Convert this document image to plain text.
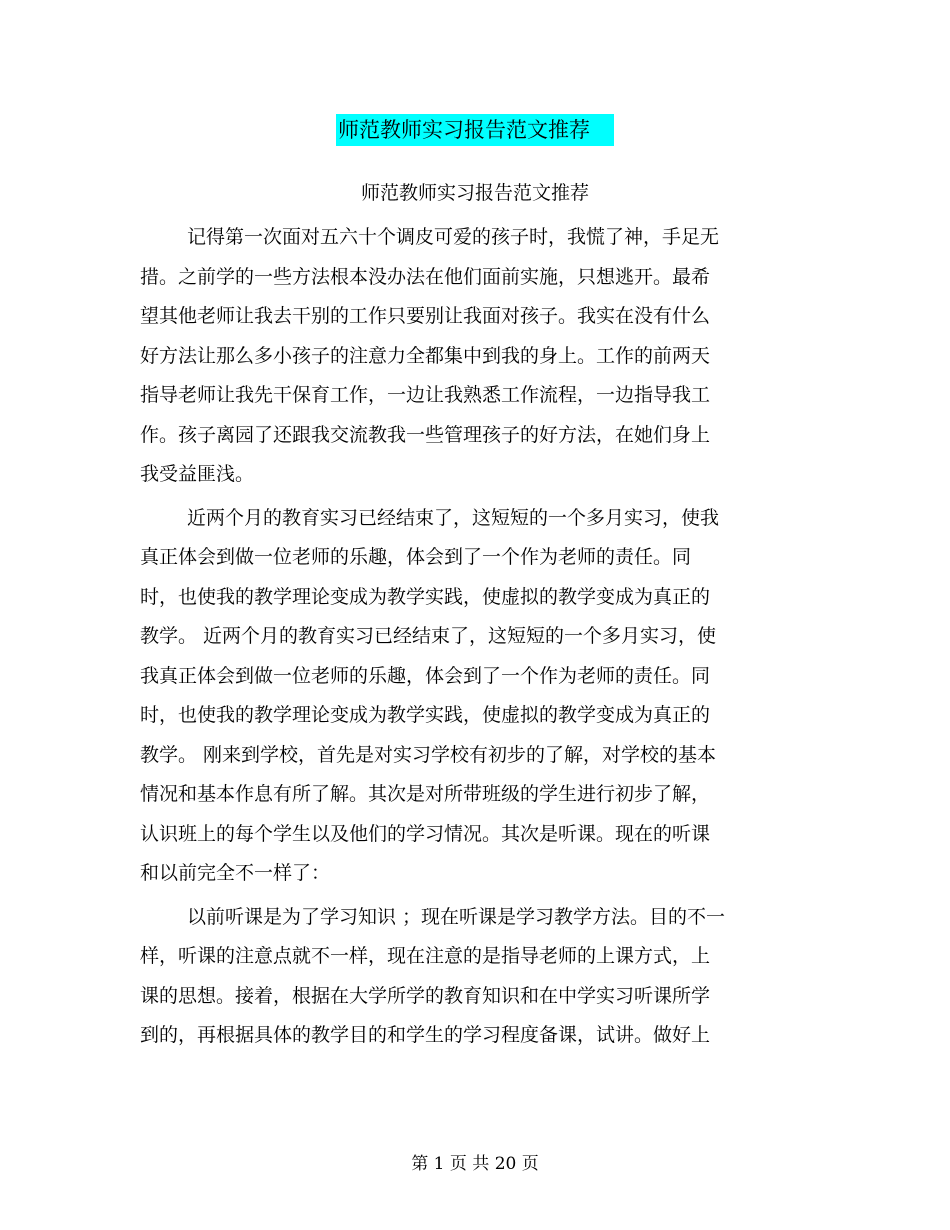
师范教师实习报告范文推荐
师范教师实习报告范文推荐
记得第一次面对五六十个调皮可爱的孩子时，我慌了神，手足无
措。之前学的一些方法根本没办法在他们面前实施，只想逃开。最希
望其他老师让我去干别的工作只要别让我面对孩子。我实在没有什么
好方法让那么多小孩子的注意力全都集中到我的身上。工作的前两天
指导老师让我先干保育工作，一边让我熟悉工作流程，一边指导我工
作。孩子离园了还跟我交流教我一些管理孩子的好方法，在她们身上
我受益匪浅。
近两个月的教育实习已经结束了，这短短的一个多月实习，使我
真正体会到做一位老师的乐趣，体会到了一个作为老师的责任。同
时，也使我的教学理论变成为教学实践，使虚拟的教学变成为真正的
教学。 近两个月的教育实习已经结束了，这短短的一个多月实习，使
我真正体会到做一位老师的乐趣，体会到了一个作为老师的责任。同
时，也使我的教学理论变成为教学实践，使虚拟的教学变成为真正的
教学。 刚来到学校，首先是对实习学校有初步的了解，对学校的基本
情况和基本作息有所了解。其次是对所带班级的学生进行初步了解，
认识班上的每个学生以及他们的学习情况。其次是听课。现在的听课
和以前完全不一样了：
以前听课是为了学习知识 ；现在听课是学习教学方法。目的不一
样，听课的注意点就不一样，现在注意的是指导老师的上课方式，上
课的思想。接着，根据在大学所学的教育知识和在中学实习听课所学
到的，再根据具体的教学目的和学生的学习程度备课，试讲。做好上
第 1 页 共 20 页
